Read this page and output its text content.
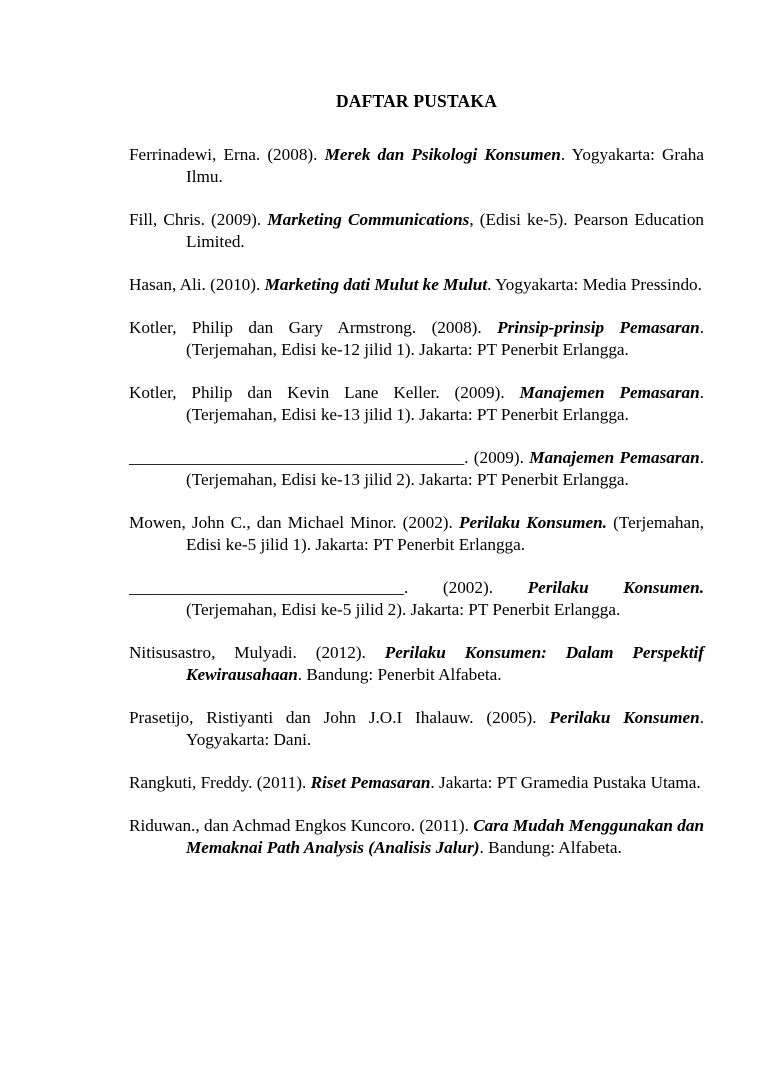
DAFTAR PUSTAKA

Ferrinadewi, Erna. (2008). Merek dan Psikologi Konsumen. Yogyakarta: Graha Ilmu.

Fill, Chris. (2009). Marketing Communications, (Edisi ke-5). Pearson Education Limited.

Hasan, Ali. (2010). Marketing dati Mulut ke Mulut. Yogyakarta: Media Pressindo.

Kotler, Philip dan Gary Armstrong. (2008). Prinsip-prinsip Pemasaran. (Terjemahan, Edisi ke-12 jilid 1). Jakarta: PT Penerbit Erlangga.

Kotler, Philip dan Kevin Lane Keller. (2009). Manajemen Pemasaran. (Terjemahan, Edisi ke-13 jilid 1). Jakarta: PT Penerbit Erlangga.

_______________________________________. (2009). Manajemen Pemasaran. (Terjemahan, Edisi ke-13 jilid 2). Jakarta: PT Penerbit Erlangga.

Mowen, John C., dan Michael Minor. (2002). Perilaku Konsumen. (Terjemahan, Edisi ke-5 jilid 1). Jakarta: PT Penerbit Erlangga.

________________________________. (2002). Perilaku Konsumen. (Terjemahan, Edisi ke-5 jilid 2). Jakarta: PT Penerbit Erlangga.

Nitisusastro, Mulyadi. (2012). Perilaku Konsumen: Dalam Perspektif Kewirausahaan. Bandung: Penerbit Alfabeta.

Prasetijo, Ristiyanti dan John J.O.I Ihalauw. (2005). Perilaku Konsumen. Yogyakarta: Dani.

Rangkuti, Freddy. (2011). Riset Pemasaran. Jakarta: PT Gramedia Pustaka Utama.

Riduwan., dan Achmad Engkos Kuncoro. (2011). Cara Mudah Menggunakan dan Memaknai Path Analysis (Analisis Jalur). Bandung: Alfabeta.
